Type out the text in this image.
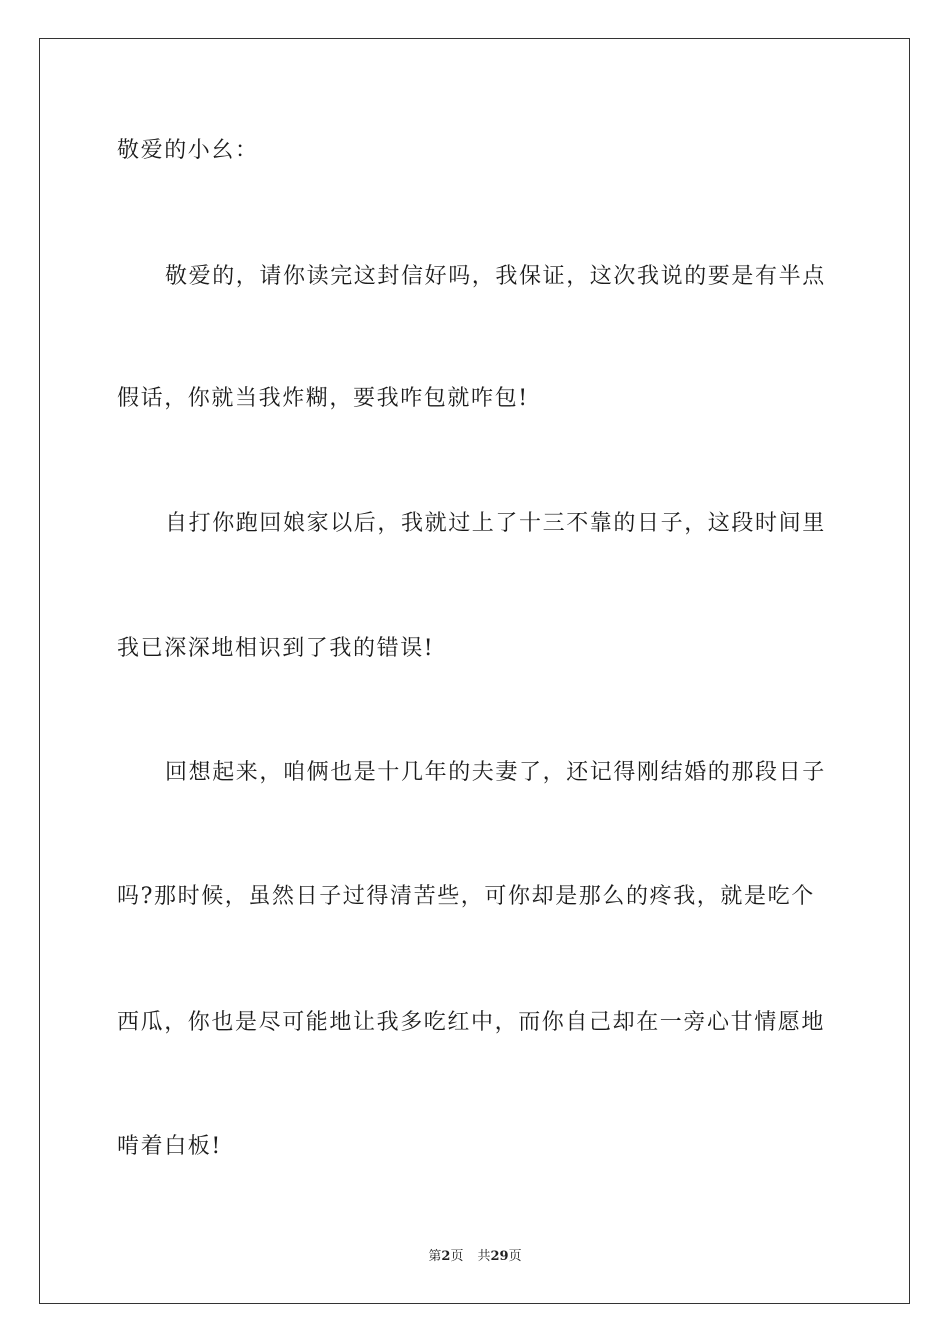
敬爱的小幺：
敬爱的，请你读完这封信好吗，我保证，这次我说的要是有半点
假话，你就当我炸糊，要我咋包就咋包!
自打你跑回娘家以后，我就过上了十三不靠的日子，这段时间里
我已深深地相识到了我的错误!
回想起来，咱俩也是十几年的夫妻了，还记得刚结婚的那段日子
吗?那时候，虽然日子过得清苦些，可你却是那么的疼我，就是吃个
西瓜，你也是尽可能地让我多吃红中，而你自己却在一旁心甘情愿地
啃着白板!
第2页 共29页
